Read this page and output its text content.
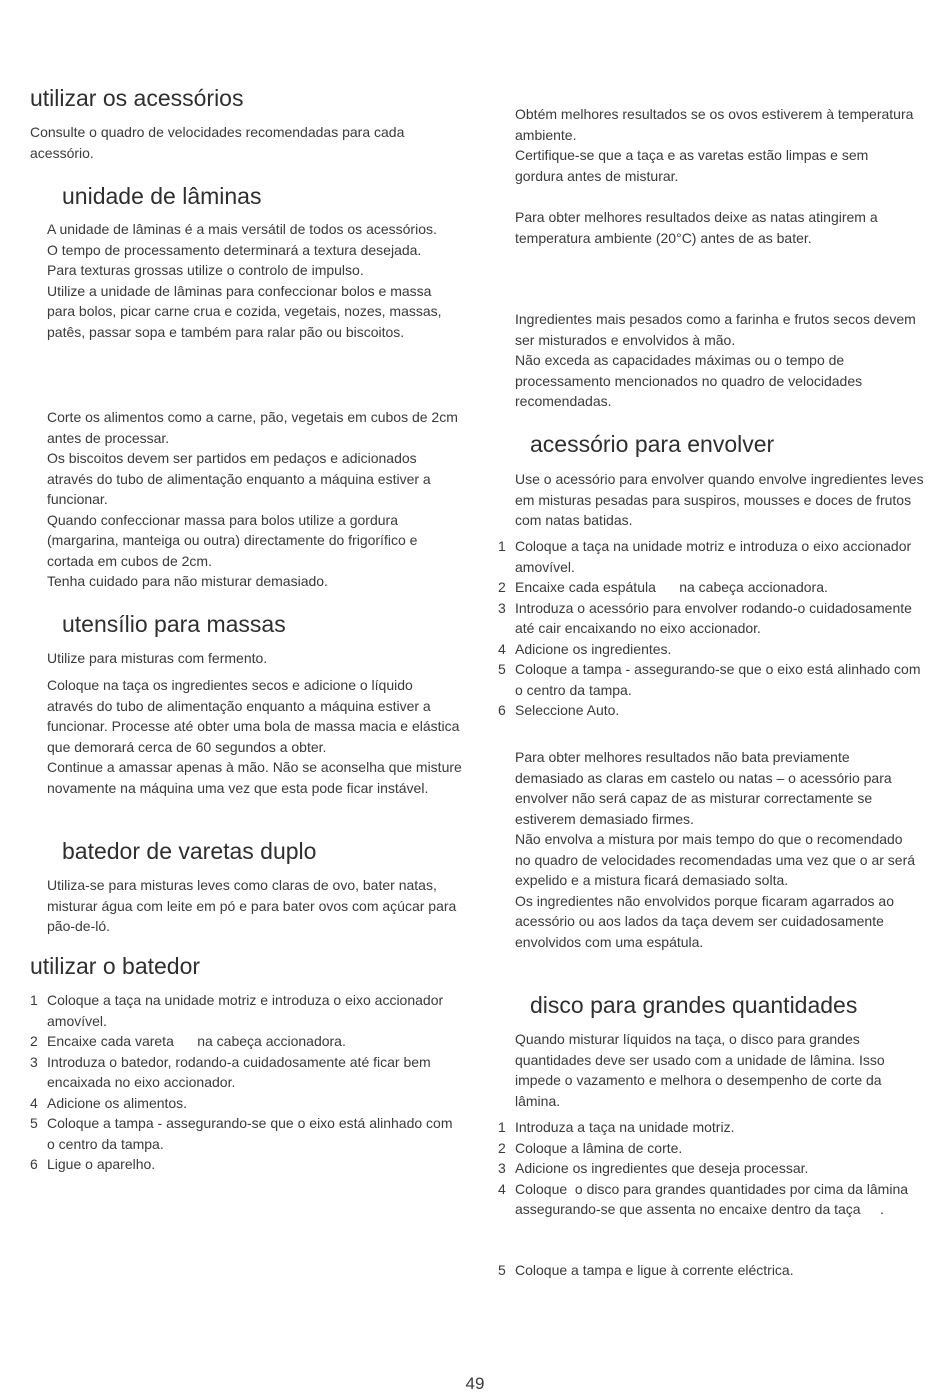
utilizar os acessórios

Consulte o quadro de velocidades recomendadas para cada acessório.

unidade de lâminas

A unidade de lâminas é a mais versátil de todos os acessórios.
O tempo de processamento determinará a textura desejada.
Para texturas grossas utilize o controlo de impulso.
Utilize a unidade de lâminas para confeccionar bolos e massa para bolos, picar carne crua e cozida, vegetais, nozes, massas, patês, passar sopa e também para ralar pão ou biscoitos.

Corte os alimentos como a carne, pão, vegetais em cubos de 2cm antes de processar.
Os biscoitos devem ser partidos em pedaços e adicionados através do tubo de alimentação enquanto a máquina estiver a funcionar.
Quando confeccionar massa para bolos utilize a gordura (margarina, manteiga ou outra) directamente do frigorífico e cortada em cubos de 2cm.
Tenha cuidado para não misturar demasiado.

utensílio para massas

Utilize para misturas com fermento.

Coloque na taça os ingredientes secos e adicione o líquido através do tubo de alimentação enquanto a máquina estiver a funcionar. Processe até obter uma bola de massa macia e elástica que demorará cerca de 60 segundos a obter.
Continue a amassar apenas à mão. Não se aconselha que misture novamente na máquina uma vez que esta pode ficar instável.

batedor de varetas duplo

Utiliza-se para misturas leves como claras de ovo, bater natas, misturar água com leite em pó e para bater ovos com açúcar para pão-de-ló.

utilizar o batedor
1 Coloque a taça na unidade motriz e introduza o eixo accionador amovível.
2 Encaixe cada vareta      na cabeça accionadora.
3 Introduza o batedor, rodando-a cuidadosamente até ficar bem encaixada no eixo accionador.
4 Adicione os alimentos.
5 Coloque a tampa - assegurando-se que o eixo está alinhado com o centro da tampa.
6 Ligue o aparelho.

Obtém melhores resultados se os ovos estiverem à temperatura ambiente.
Certifique-se que a taça e as varetas estão limpas e sem gordura antes de misturar.

Para obter melhores resultados deixe as natas atingirem a temperatura ambiente (20°C) antes de as bater.

Ingredientes mais pesados como a farinha e frutos secos devem ser misturados e envolvidos à mão.
Não exceda as capacidades máximas ou o tempo de processamento mencionados no quadro de velocidades recomendadas.

acessório para envolver

Use o acessório para envolver quando envolve ingredientes leves em misturas pesadas para suspiros, mousses e doces de frutos com natas batidas.

1 Coloque a taça na unidade motriz e introduza o eixo accionador amovível.
2 Encaixe cada espátula      na cabeça accionadora.
3 Introduza o acessório para envolver rodando-o cuidadosamente até cair encaixando no eixo accionador.
4 Adicione os ingredientes.
5 Coloque a tampa - assegurando-se que o eixo está alinhado com o centro da tampa.
6 Seleccione Auto.

Para obter melhores resultados não bata previamente demasiado as claras em castelo ou natas – o acessório para envolver não será capaz de as misturar correctamente se estiverem demasiado firmes.
Não envolva a mistura por mais tempo do que o recomendado no quadro de velocidades recomendadas uma vez que o ar será expelido e a mistura ficará demasiado solta.
Os ingredientes não envolvidos porque ficaram agarrados ao acessório ou aos lados da taça devem ser cuidadosamente envolvidos com uma espátula.

disco para grandes quantidades

Quando misturar líquidos na taça, o disco para grandes quantidades deve ser usado com a unidade de lâmina. Isso impede o vazamento e melhora o desempenho de corte da lâmina.

1 Introduza a taça na unidade motriz.
2 Coloque a lâmina de corte.
3 Adicione os ingredientes que deseja processar.
4 Coloque  o disco para grandes quantidades por cima da lâmina assegurando-se que assenta no encaixe dentro da taça     .
5 Coloque a tampa e ligue à corrente eléctrica.
49
